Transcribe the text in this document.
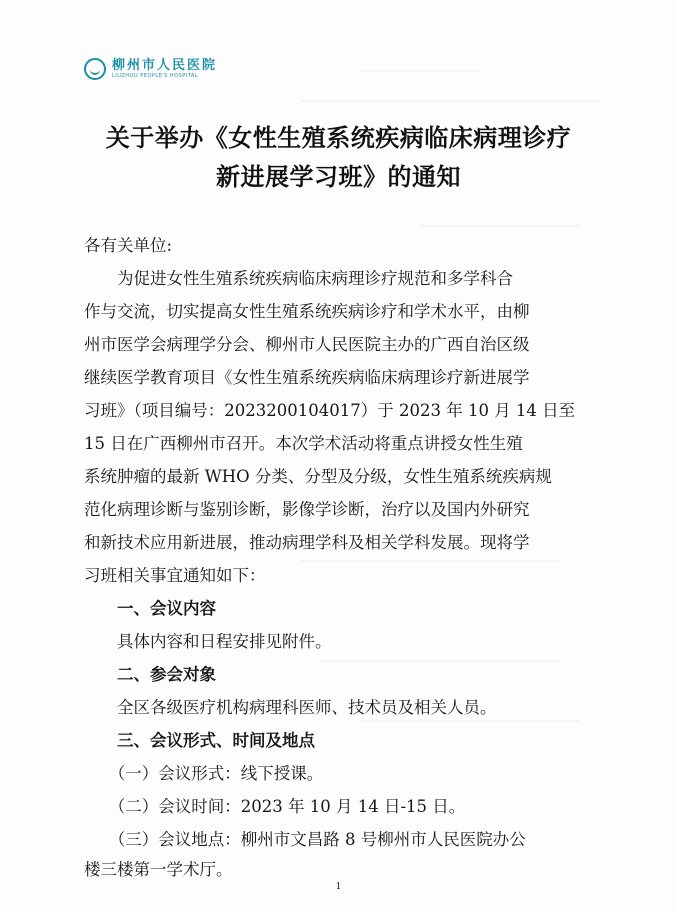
柳州市人民医院
LIUZHOU PEOPLE'S HOSPITAL
关于举办《女性生殖系统疾病临床病理诊疗
新进展学习班》的通知
各有关单位:
　　为促进女性生殖系统疾病临床病理诊疗规范和多学科合
作与交流，切实提高女性生殖系统疾病诊疗和学术水平，由柳
州市医学会病理学分会、柳州市人民医院主办的广西自治区级
继续医学教育项目《女性生殖系统疾病临床病理诊疗新进展学
习班》（项目编号：2023200104017）于 2023 年 10 月 14 日至
15 日在广西柳州市召开。本次学术活动将重点讲授女性生殖
系统肿瘤的最新 WHO 分类、分型及分级，女性生殖系统疾病规
范化病理诊断与鉴别诊断，影像学诊断，治疗以及国内外研究
和新技术应用新进展，推动病理学科及相关学科发展。现将学
习班相关事宜通知如下：
　　一、会议内容
　　具体内容和日程安排见附件。
　　二、参会对象
　　全区各级医疗机构病理科医师、技术员及相关人员。
　　三、会议形式、时间及地点
　　（一）会议形式：线下授课。
　　（二）会议时间：2023 年 10 月 14 日-15 日。
　　（三）会议地点：柳州市文昌路 8 号柳州市人民医院办公
楼三楼第一学术厅。
1
